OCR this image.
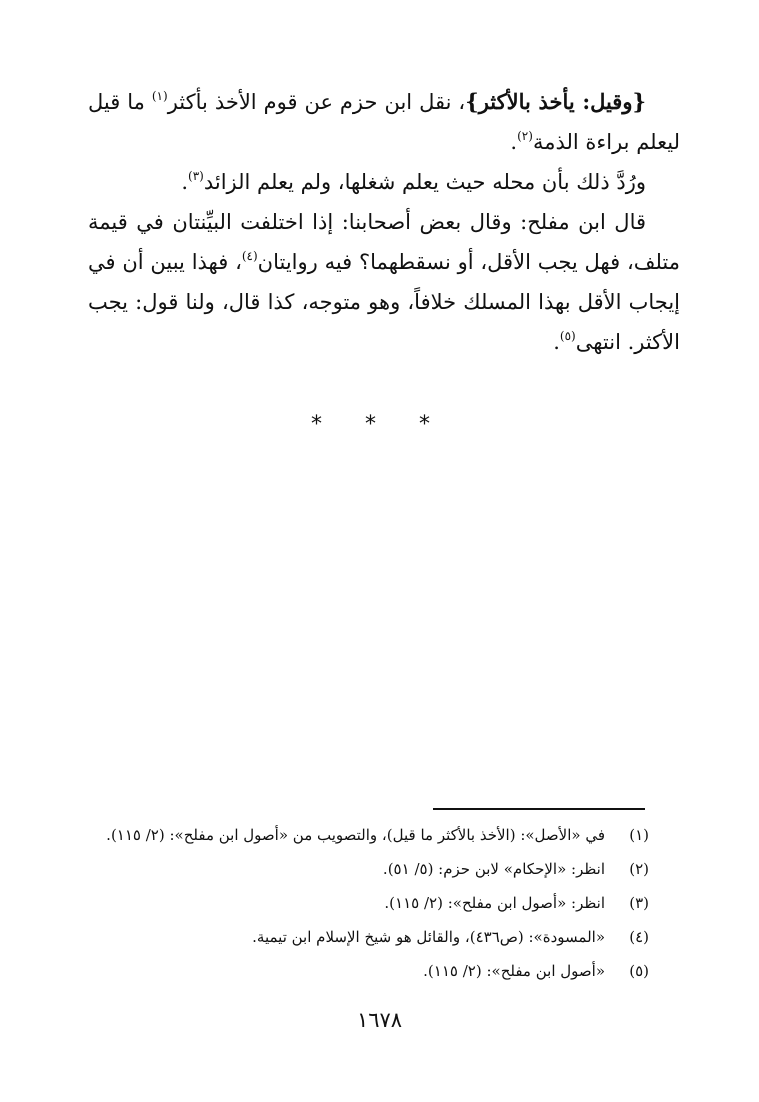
{وقيل: يأخذ بالأكثر}، نقل ابن حزم عن قوم الأخذ بأكثر$^{(١)}$ ما قيل ليعلم براءة الذمة$^{(٢)}$.

ورُدَّ ذلك بأن محله حيث يعلم شغلها، ولم يعلم الزائد$^{(٣)}$.

قال ابن مفلح: وقال بعض أصحابنا: إذا اختلفت البيِّنتان في قيمة متلف، فهل يجب الأقل، أو نسقطهما؟ فيه روايتان$^{(٤)}$، فهذا يبين أن في إيجاب الأقل بهذا المسلك خلافاً، وهو متوجه، كذا قال، ولنا قول: يجب الأكثر. انتهى$^{(٥)}$.

* * *
(١)
في «الأصل»: (الأخذ بالأكثر ما قيل)، والتصويب من «أصول ابن مفلح»: (٢/ ١١٥).
(٢)
انظر: «الإحكام» لابن حزم: (٥/ ٥١).
(٣)
انظر: «أصول ابن مفلح»: (٢/ ١١٥).
(٤)
«المسودة»: (ص٤٣٦)، والقائل هو شيخ الإسلام ابن تيمية.
(٥)
«أصول ابن مفلح»: (٢/ ١١٥).
١٦٧٨
